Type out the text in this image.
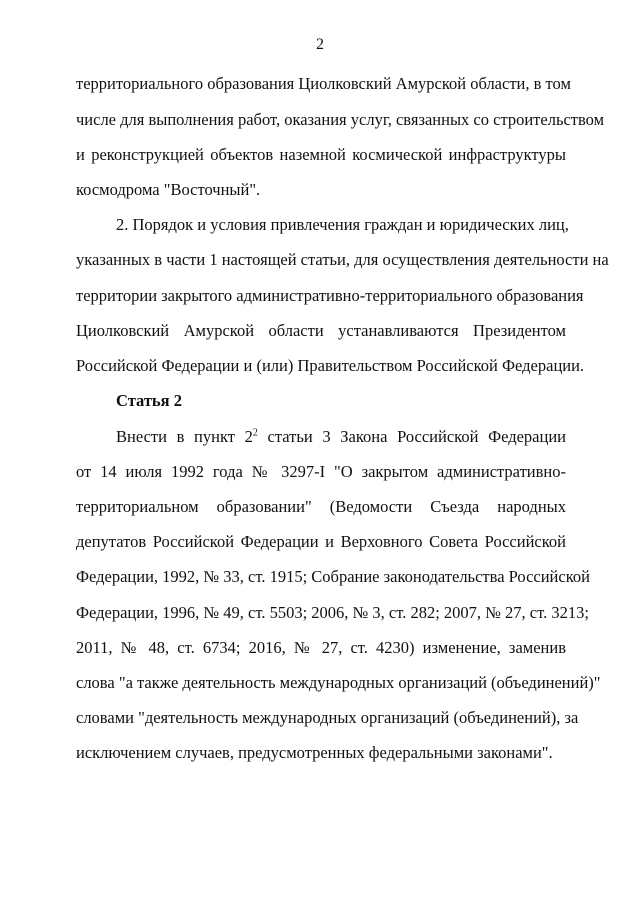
2
территориального образования Циолковский Амурской области, в том
числе для выполнения работ, оказания услуг, связанных со строительством
и реконструкцией объектов наземной космической инфраструктуры
космодрома "Восточный".
2. Порядок и условия привлечения граждан и юридических лиц,
указанных в части 1 настоящей статьи, для осуществления деятельности на
территории закрытого административно-территориального образования
Циолковский Амурской области устанавливаются Президентом
Российской Федерации и (или) Правительством Российской Федерации.
Статья 2
Внести в пункт $2^2$ статьи 3 Закона Российской Федерации
от 14 июля 1992 года № 3297-I "О закрытом административно-
территориальном образовании" (Ведомости Съезда народных
депутатов Российской Федерации и Верховного Совета Российской
Федерации, 1992, № 33, ст. 1915; Собрание законодательства Российской
Федерации, 1996, № 49, ст. 5503; 2006, № 3, ст. 282; 2007, № 27, ст. 3213;
2011, № 48, ст. 6734; 2016, № 27, ст. 4230) изменение, заменив
слова "а также деятельность международных организаций (объединений)"
словами "деятельность международных организаций (объединений), за
исключением случаев, предусмотренных федеральными законами".
